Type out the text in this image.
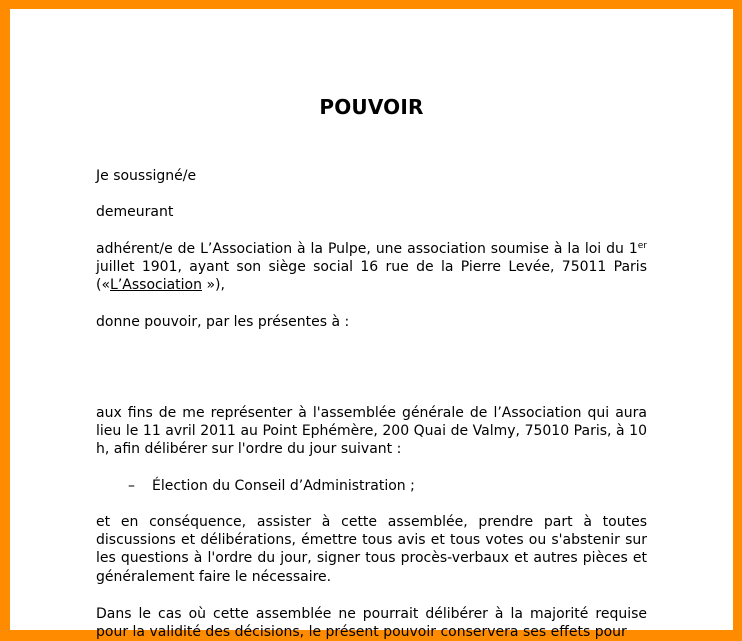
POUVOIR

Je soussigné/e

demeurant

adhérent/e de L’Association à la Pulpe, une association soumise à la loi du 1er juillet 1901, ayant son siège social 16 rue de la Pierre Levée, 75011 Paris («L’Association »),

donne pouvoir, par les présentes à :

aux fins de me représenter à l'assemblée générale de l’Association qui aura lieu le 11 avril 2011 au Point Ephémère, 200 Quai de Valmy, 75010 Paris, à 10 h, afin délibérer sur l'ordre du jour suivant :

– Élection du Conseil d’Administration ;

et en conséquence, assister à cette assemblée, prendre part à toutes discussions et délibérations, émettre tous avis et tous votes ou s'abstenir sur les questions à l'ordre du jour, signer tous procès-verbaux et autres pièces et généralement faire le nécessaire.

Dans le cas où cette assemblée ne pourrait délibérer à la majorité requise pour la validité des décisions, le présent pouvoir conservera ses effets pour
